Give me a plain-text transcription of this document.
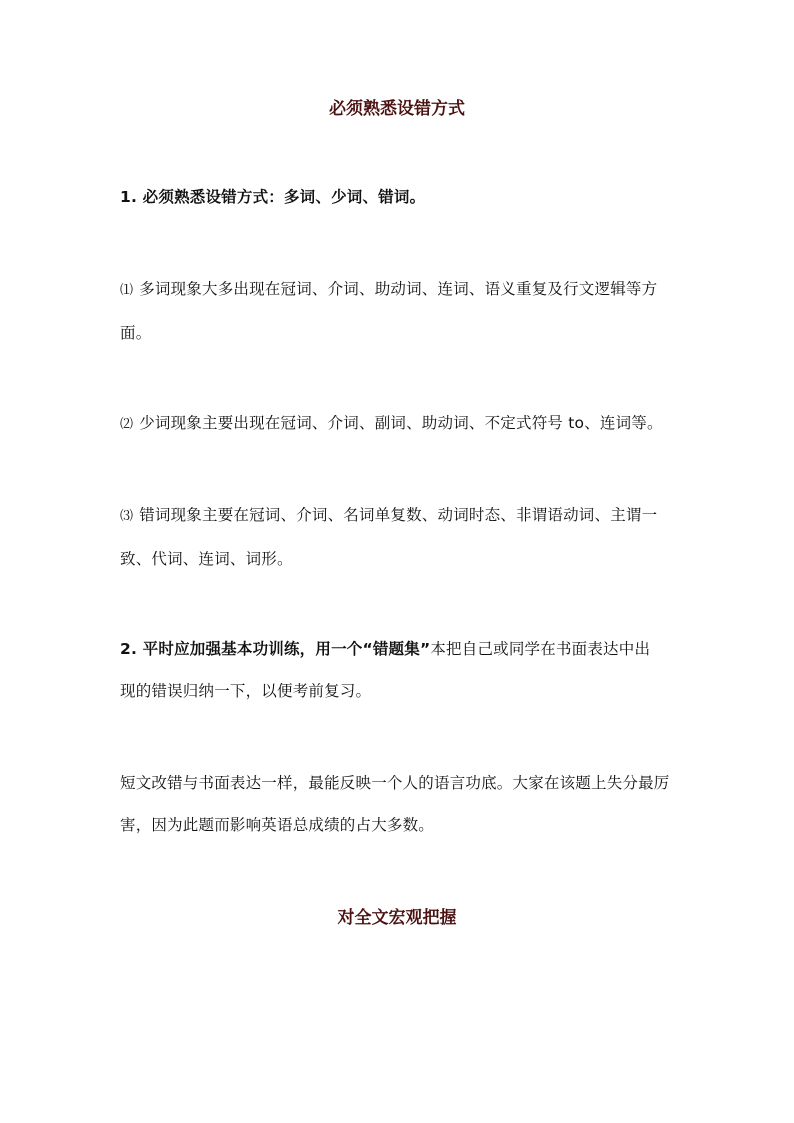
必须熟悉设错方式
1. 必须熟悉设错方式：多词、少词、错词。
⑴ 多词现象大多出现在冠词、介词、助动词、连词、语义重复及行文逻辑等方
面。
⑵ 少词现象主要出现在冠词、介词、副词、助动词、不定式符号 to、连词等。
⑶ 错词现象主要在冠词、介词、名词单复数、动词时态、非谓语动词、主谓一
致、代词、连词、词形。
2. 平时应加强基本功训练，用一个“错题集”本把自己或同学在书面表达中出
现的错误归纳一下，以便考前复习。
短文改错与书面表达一样，最能反映一个人的语言功底。大家在该题上失分最厉
害，因为此题而影响英语总成绩的占大多数。
对全文宏观把握
